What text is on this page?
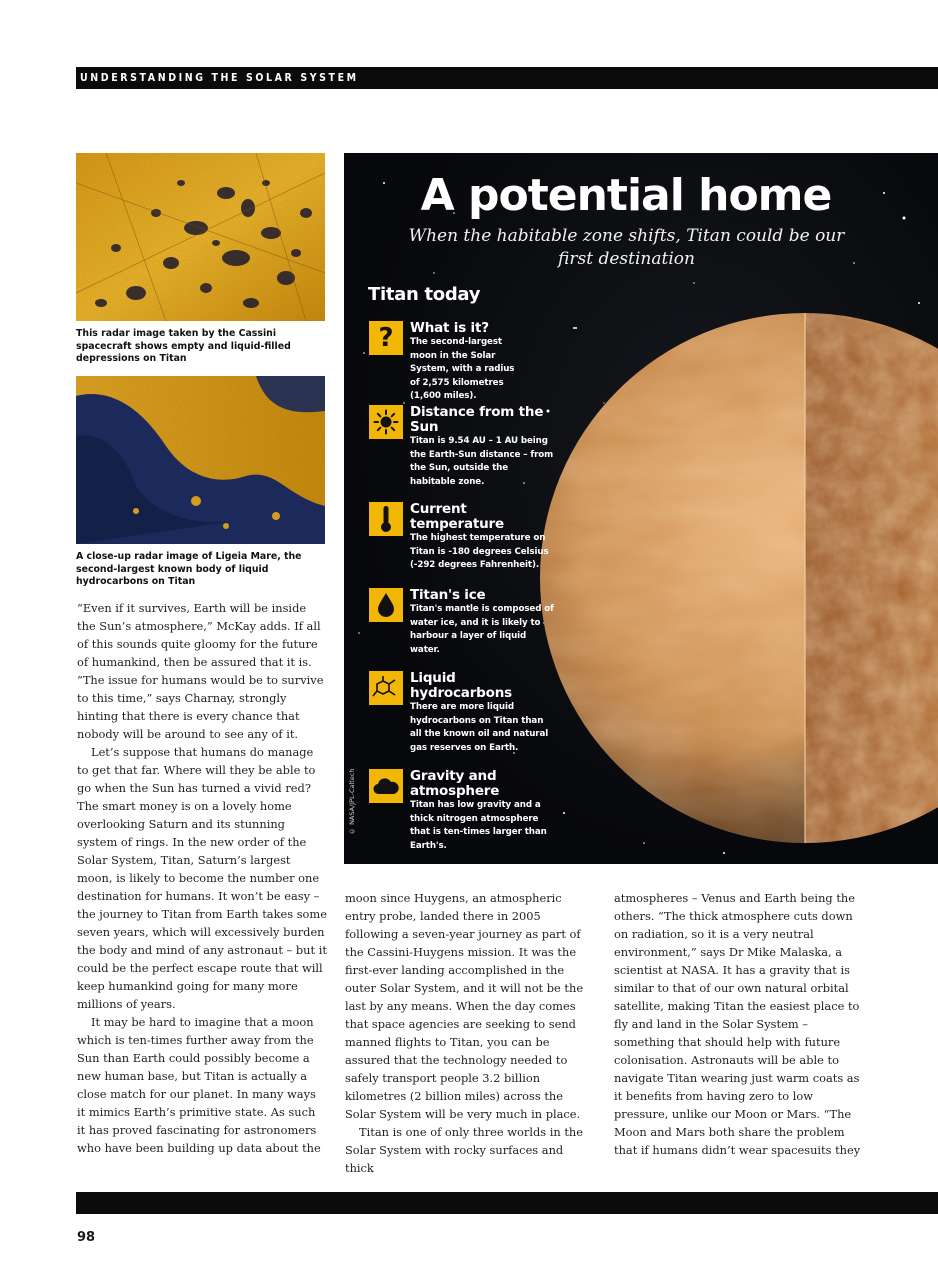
UNDERSTANDING THE SOLAR SYSTEM
This radar image taken by the Cassini spacecraft shows empty and liquid-filled depressions on Titan
A close-up radar image of Ligeia Mare, the second-largest known body of liquid hydrocarbons on Titan
A potential home
When the habitable zone shifts, Titan could be our first destination
Titan today
? What is it?
The second-largest moon in the Solar System, with a radius of 2,575 kilometres (1,600 miles).
Distance from the Sun
Titan is 9.54 AU – 1 AU being the Earth-Sun distance – from the Sun, outside the habitable zone.
Current temperature
The highest temperature on Titan is -180 degrees Celsius (-292 degrees Fahrenheit).
Titan's ice
Titan's mantle is composed of water ice, and it is likely to harbour a layer of liquid water.
Liquid hydrocarbons
There are more liquid hydrocarbons on Titan than all the known oil and natural gas reserves on Earth.
Gravity and atmosphere
Titan has low gravity and a thick nitrogen atmosphere that is ten-times larger than Earth's.
© NASA/JPL-Caltech

“Even if it survives, Earth will be inside the Sun’s atmosphere,” McKay adds. If all of this sounds quite gloomy for the future of humankind, then be assured that it is. “The issue for humans would be to survive to this time,” says Charnay, strongly hinting that there is every chance that nobody will be around to see any of it.

Let’s suppose that humans do manage to get that far. Where will they be able to go when the Sun has turned a vivid red? The smart money is on a lovely home overlooking Saturn and its stunning system of rings. In the new order of the Solar System, Titan, Saturn’s largest moon, is likely to become the number one destination for humans. It won’t be easy – the journey to Titan from Earth takes some seven years, which will excessively burden the body and mind of any astronaut – but it could be the perfect escape route that will keep humankind going for many more millions of years.

It may be hard to imagine that a moon which is ten-times further away from the Sun than Earth could possibly become a new human base, but Titan is actually a close match for our planet. In many ways it mimics Earth’s primitive state. As such it has proved fascinating for astronomers who have been building up data about the

moon since Huygens, an atmospheric entry probe, landed there in 2005 following a seven-year journey as part of the Cassini-Huygens mission. It was the first-ever landing accomplished in the outer Solar System, and it will not be the last by any means. When the day comes that space agencies are seeking to send manned flights to Titan, you can be assured that the technology needed to safely transport people 3.2 billion kilometres (2 billion miles) across the Solar System will be very much in place.

Titan is one of only three worlds in the Solar System with rocky surfaces and thick

atmospheres – Venus and Earth being the others. “The thick atmosphere cuts down on radiation, so it is a very neutral environment,” says Dr Mike Malaska, a scientist at NASA. It has a gravity that is similar to that of our own natural orbital satellite, making Titan the easiest place to fly and land in the Solar System – something that should help with future colonisation. Astronauts will be able to navigate Titan wearing just warm coats as it benefits from having zero to low pressure, unlike our Moon or Mars. “The Moon and Mars both share the problem that if humans didn’t wear spacesuits they

98
